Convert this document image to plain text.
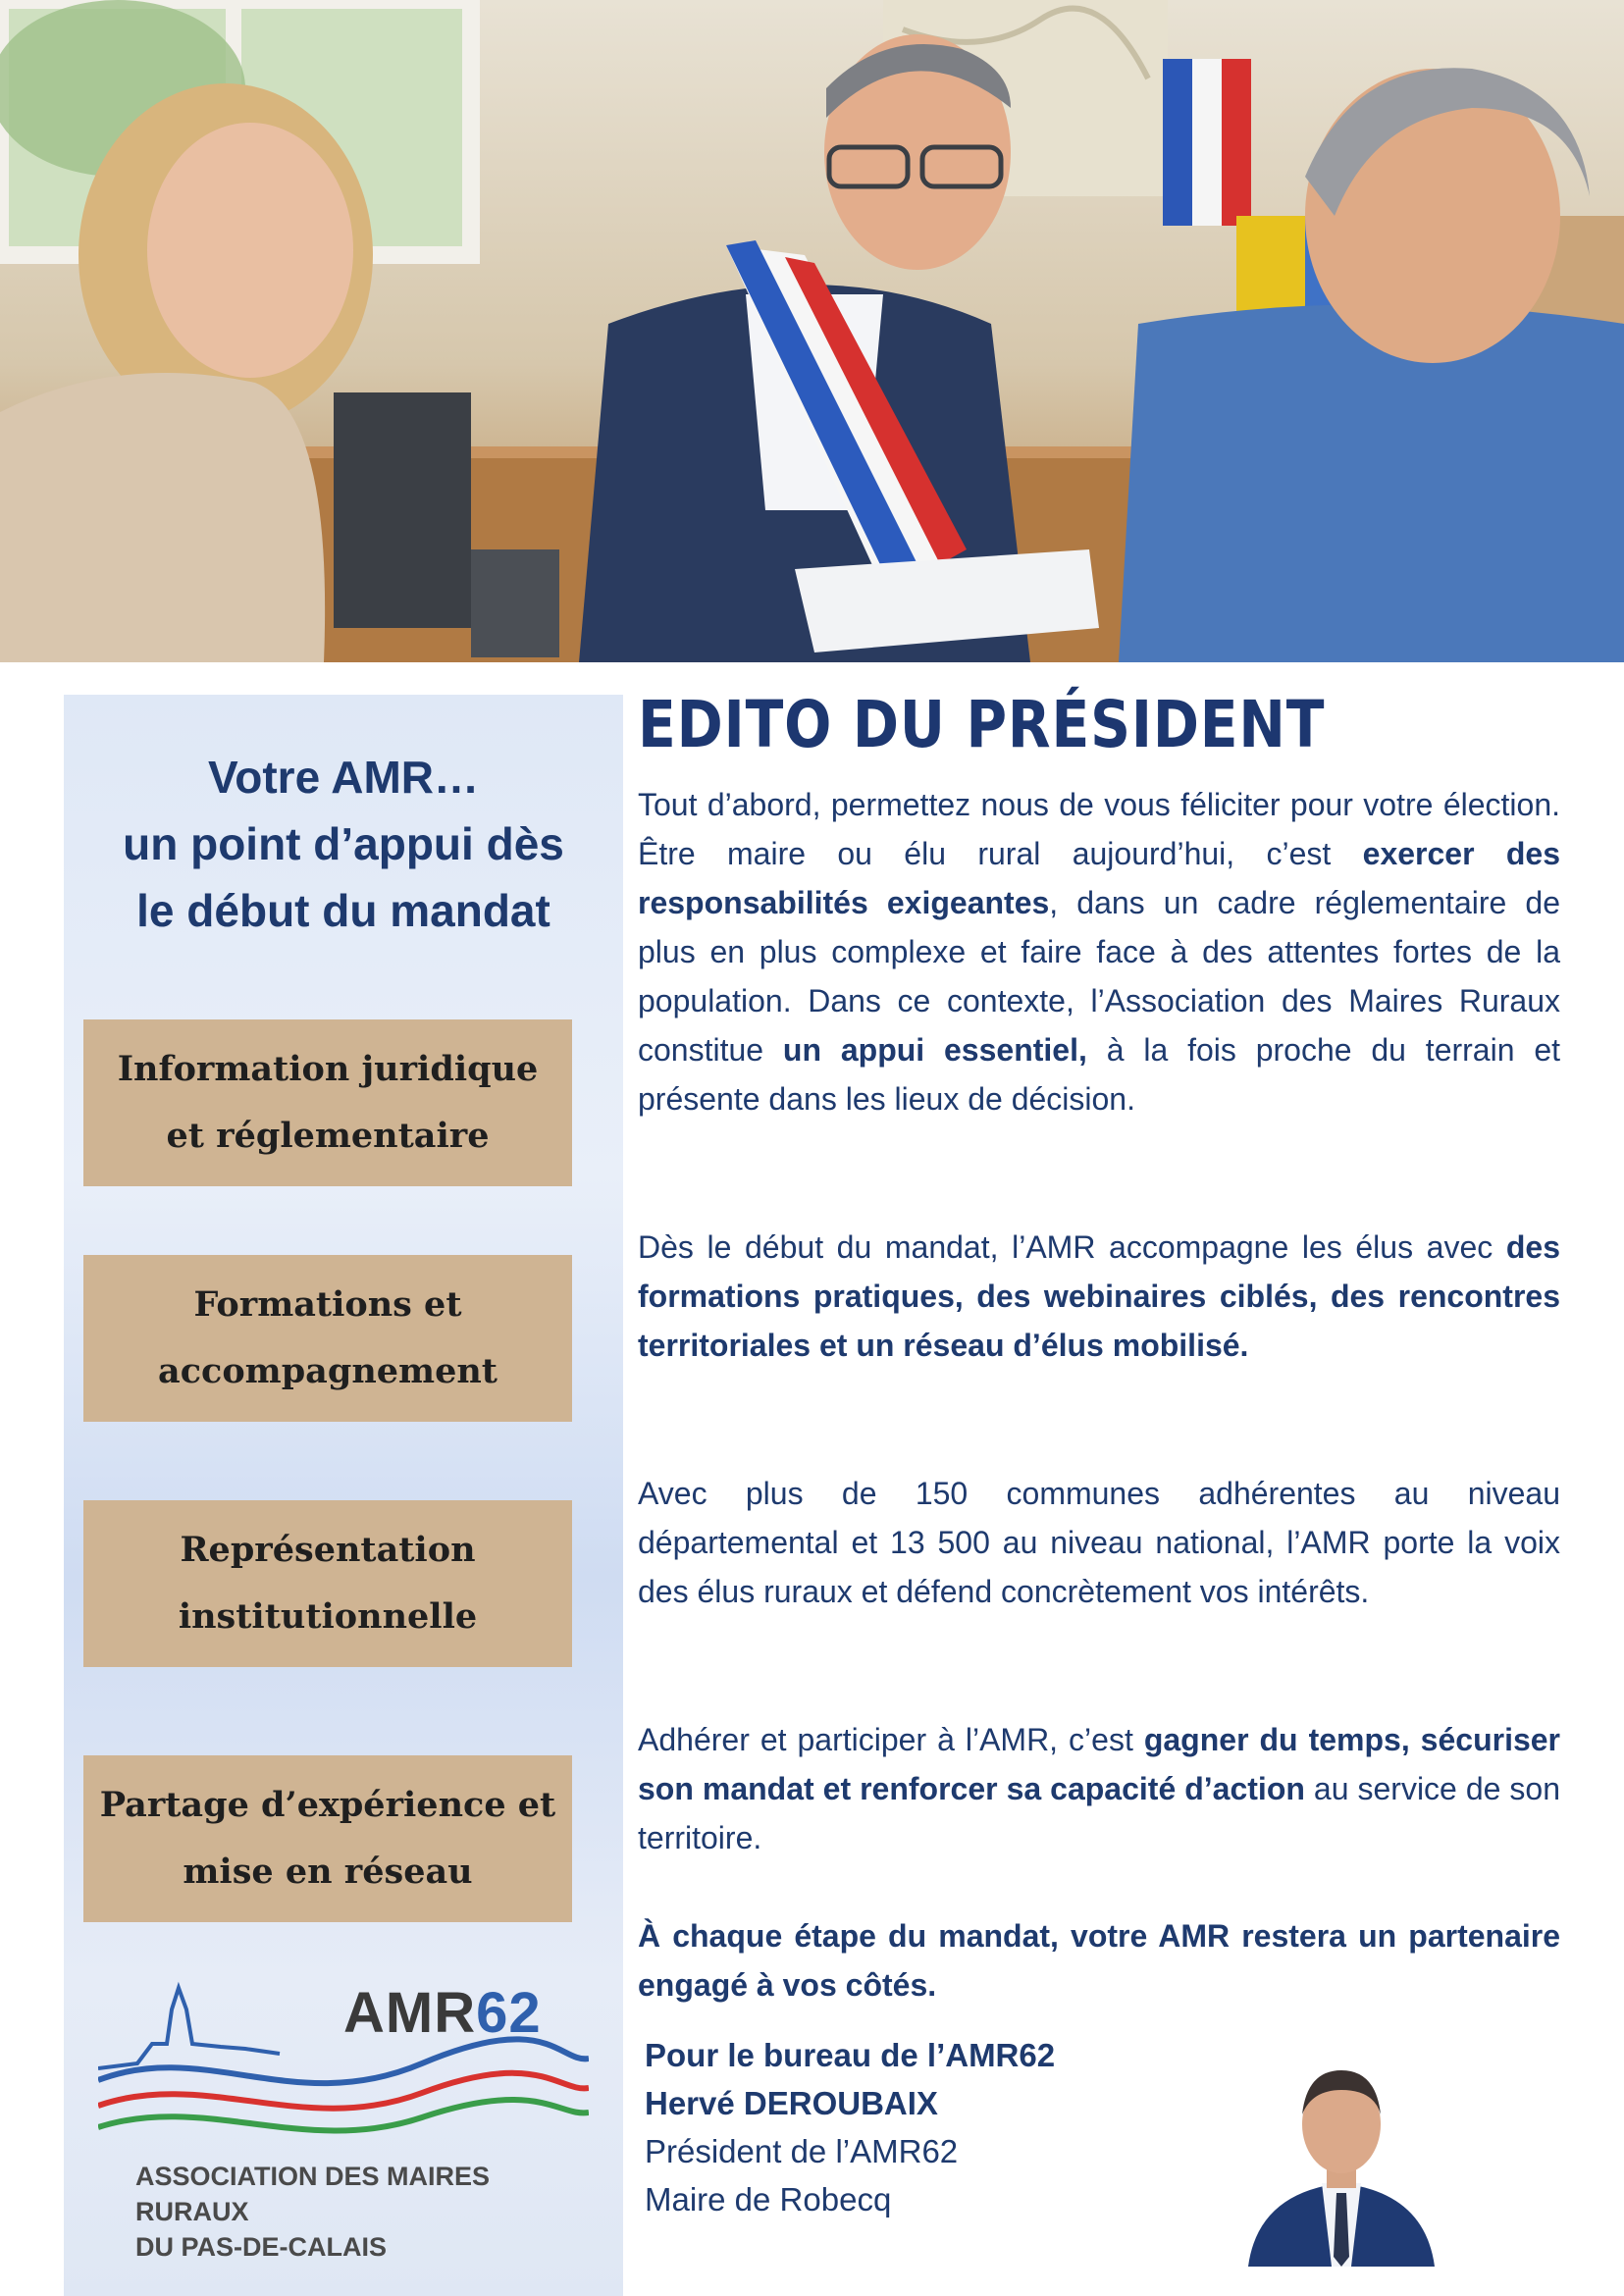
Votre AMR…
un point d’appui dès
le début du mandat
Information juridique
et réglementaire
Formations et
accompagnement
Représentation
institutionnelle
Partage d’expérience et
mise en réseau
AMR62
ASSOCIATION DES MAIRES RURAUX
DU PAS-DE-CALAIS
EDITO DU PRÉSIDENT

Tout d’abord, permettez nous de vous féliciter pour votre élection. Être maire ou élu rural aujourd’hui, c’est exercer des responsabilités exigeantes, dans un cadre réglementaire de plus en plus complexe et faire face à des attentes fortes de la population. Dans ce contexte, l’Association des Maires Ruraux constitue un appui essentiel, à la fois proche du terrain et présente dans les lieux de décision.

Dès le début du mandat, l’AMR accompagne les élus avec des formations pratiques, des webinaires ciblés, des rencontres territoriales et un réseau d’élus mobilisé.

Avec plus de 150 communes adhérentes au niveau départemental et 13 500 au niveau national, l’AMR porte la voix des élus ruraux et défend concrètement vos intérêts.

Adhérer et participer à l’AMR, c’est gagner du temps, sécuriser son mandat et renforcer sa capacité d’action au service de son territoire.

À chaque étape du mandat, votre AMR restera un partenaire engagé à vos côtés.

Pour le bureau de l’AMR62
Hervé DEROUBAIX
Président de l’AMR62
Maire de Robecq
